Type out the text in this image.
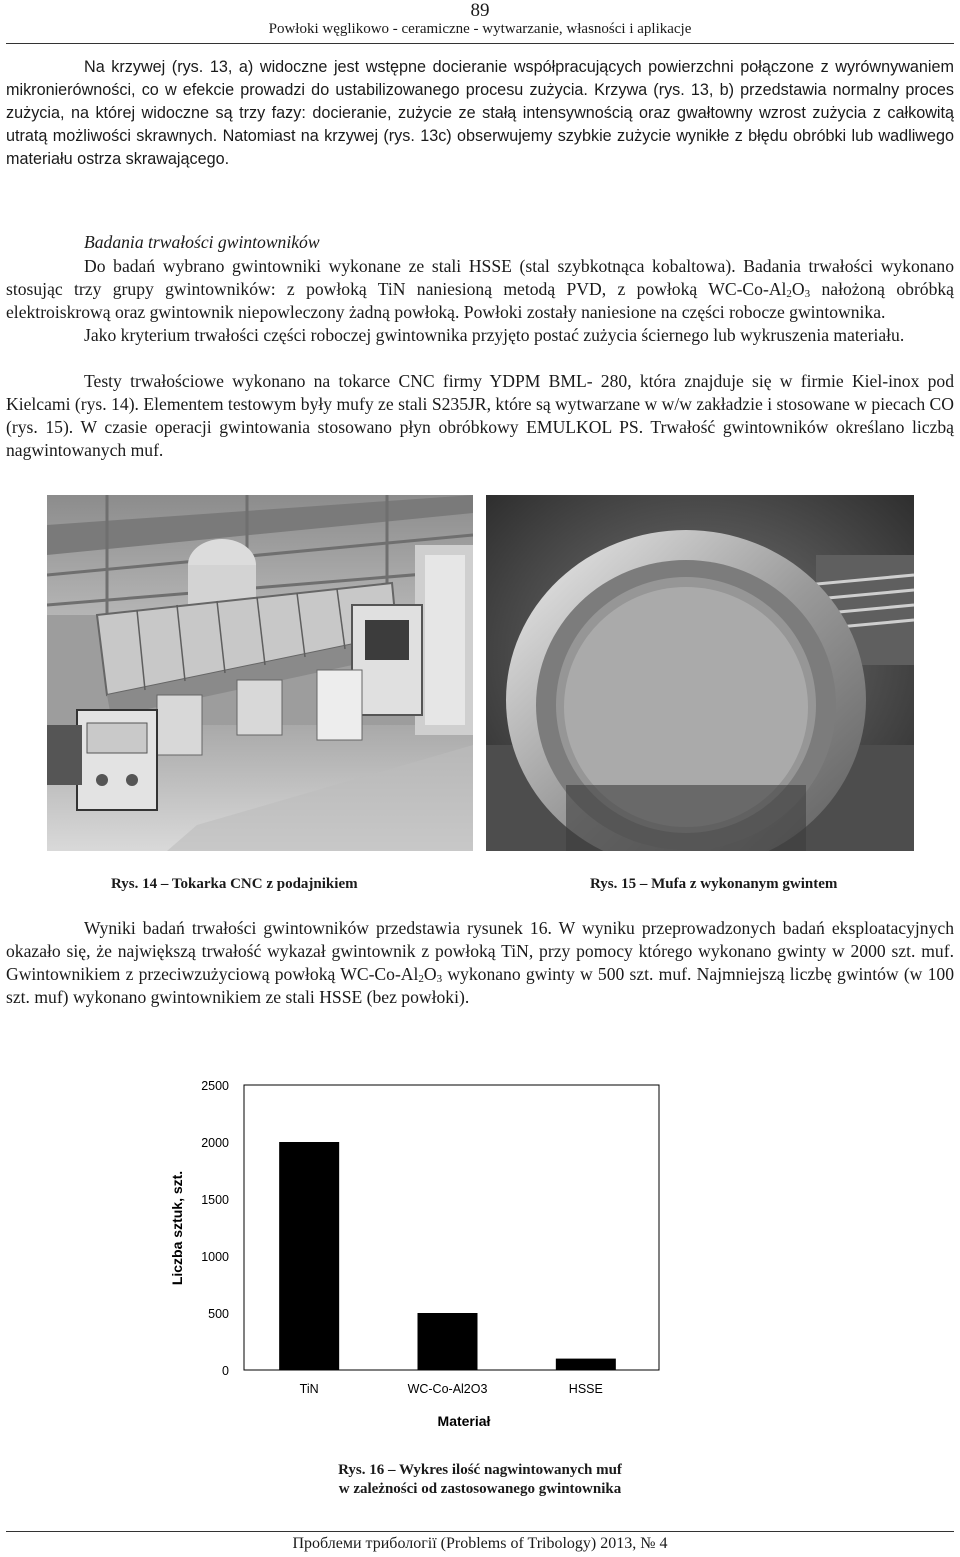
89
Powłoki węglikowo - ceramiczne - wytwarzanie, własności i aplikacje
Na krzywej (rys. 13, a) widoczne jest wstępne docieranie współpracujących powierzchni połączone z wyrównywaniem mikronierówności, co w efekcie prowadzi do ustabilizowanego procesu zużycia. Krzywa (rys. 13, b) przedstawia normalny proces zużycia, na której widoczne są trzy fazy: docieranie, zużycie ze stałą intensywnością oraz gwałtowny wzrost zużycia z całkowitą utratą możliwości skrawnych. Natomiast na krzywej (rys. 13c) obserwujemy szybkie zużycie wynikłe z błędu obróbki lub wadliwego materiału ostrza skrawającego.
Badania trwałości gwintowników
Do badań wybrano gwintowniki wykonane ze stali HSSE (stal szybkotnąca kobaltowa). Badania trwałości wykonano stosując trzy grupy gwintowników: z powłoką TiN naniesioną metodą PVD, z powłoką $WC-Co-Al_2O_3$ nałożoną obróbką elektroiskrową oraz gwintownik niepowleczony żadną powłoką. Powłoki zostały naniesione na części robocze gwintownika.
Jako kryterium trwałości części roboczej gwintownika przyjęto postać zużycia ściernego lub wykruszenia materiału.
Testy trwałościowe wykonano na tokarce CNC firmy YDPM BML- 280, która znajduje się w firmie Kiel-inox pod Kielcami (rys. 14). Elementem testowym były mufy ze stali S235JR, które są wytwarzane w w/w zakładzie i stosowane w piecach CO (rys. 15). W czasie operacji gwintowania stosowano płyn obróbkowy EMULKOL PS. Trwałość gwintowników określano liczbą nagwintowanych muf.
Rys. 14 – Tokarka CNC z podajnikiem	Rys. 15 – Mufa z wykonanym gwintem
Wyniki badań trwałości gwintowników przedstawia rysunek 16. W wyniku przeprowadzonych badań eksploatacyjnych okazało się, że największą trwałość wykazał gwintownik z powłoką TiN, przy pomocy którego wykonano gwinty w 2000 szt. muf. Gwintownikiem z przeciwzużyciową powłoką $WC-Co-Al_2O_3$ wykonano gwinty w 500 szt. muf. Najmniejszą liczbę gwintów (w 100 szt. muf) wykonano gwintownikiem ze stali HSSE (bez powłoki).
0
500
1000
1500
2000
2500
TiN	WC-Co-Al2O3	HSSE
Liczba sztuk, szt.
Materiał
Rys. 16 – Wykres ilość nagwintowanych muf
w zależności od zastosowanego gwintownika
Проблеми трибології (Problems of Tribology) 2013, № 4
